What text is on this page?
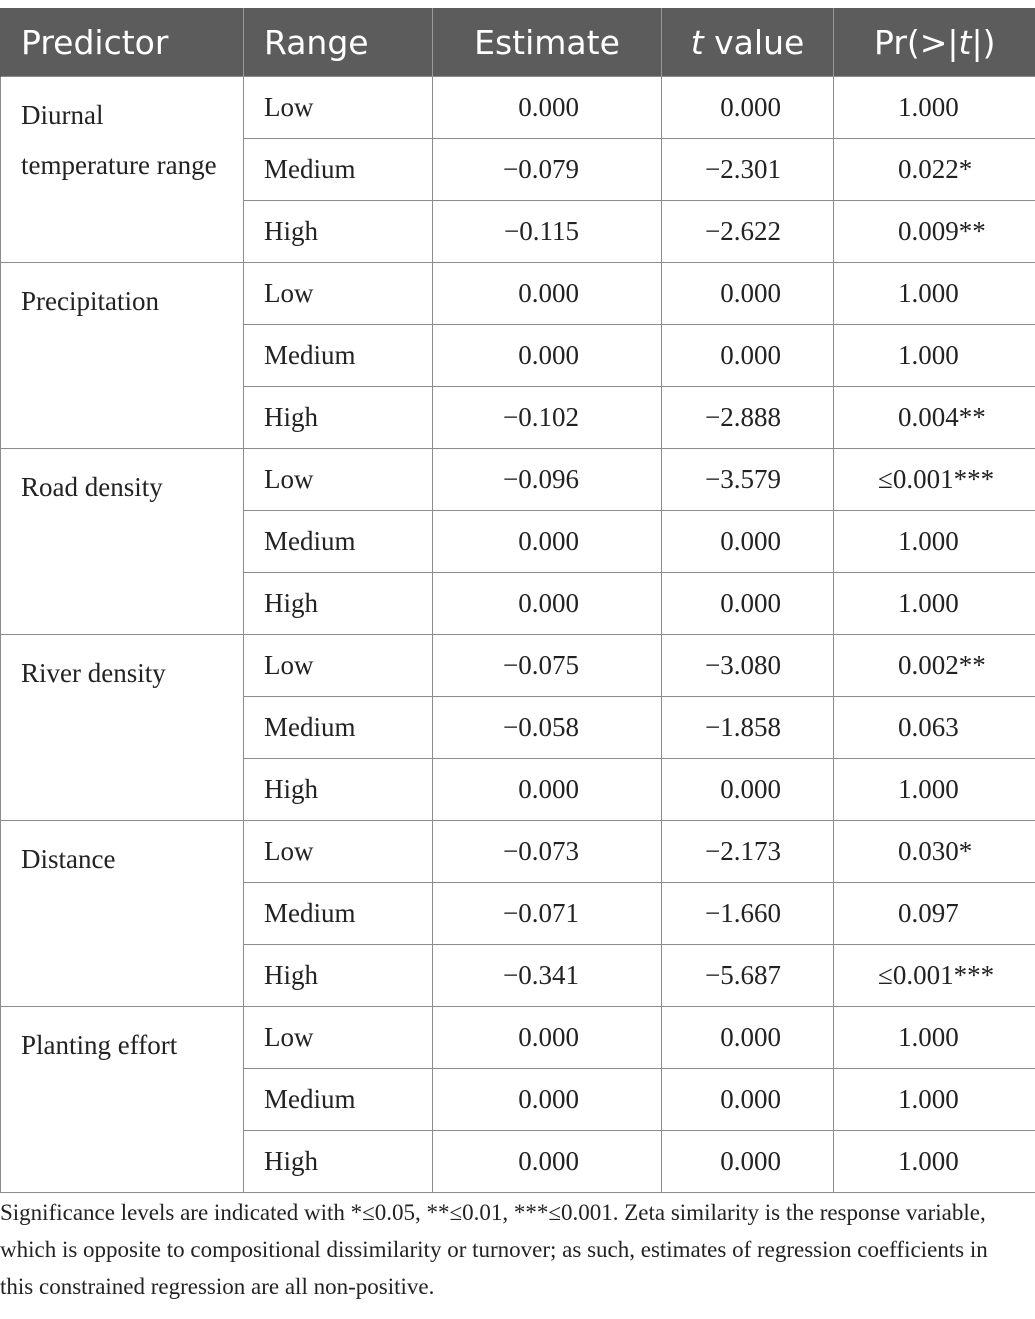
Predictor	Range	Estimate	t value	Pr(>|t|)

Diurnal temperature range	Low	0.000	0.000	1.000
	Medium	−0.079	−2.301	0.022*
	High	−0.115	−2.622	0.009**

Precipitation	Low	0.000	0.000	1.000
	Medium	0.000	0.000	1.000
	High	−0.102	−2.888	0.004**

Road density	Low	−0.096	−3.579	≤0.001***
	Medium	0.000	0.000	1.000
	High	0.000	0.000	1.000

River density	Low	−0.075	−3.080	0.002**
	Medium	−0.058	−1.858	0.063
	High	0.000	0.000	1.000

Distance	Low	−0.073	−2.173	0.030*
	Medium	−0.071	−1.660	0.097
	High	−0.341	−5.687	≤0.001***

Planting effort	Low	0.000	0.000	1.000
	Medium	0.000	0.000	1.000
	High	0.000	0.000	1.000
Significance levels are indicated with *≤0.05, **≤0.01, ***≤0.001. Zeta similarity is the response variable, which is opposite to compositional dissimilarity or turnover; as such, estimates of regression coefficients in this constrained regression are all non-positive.
